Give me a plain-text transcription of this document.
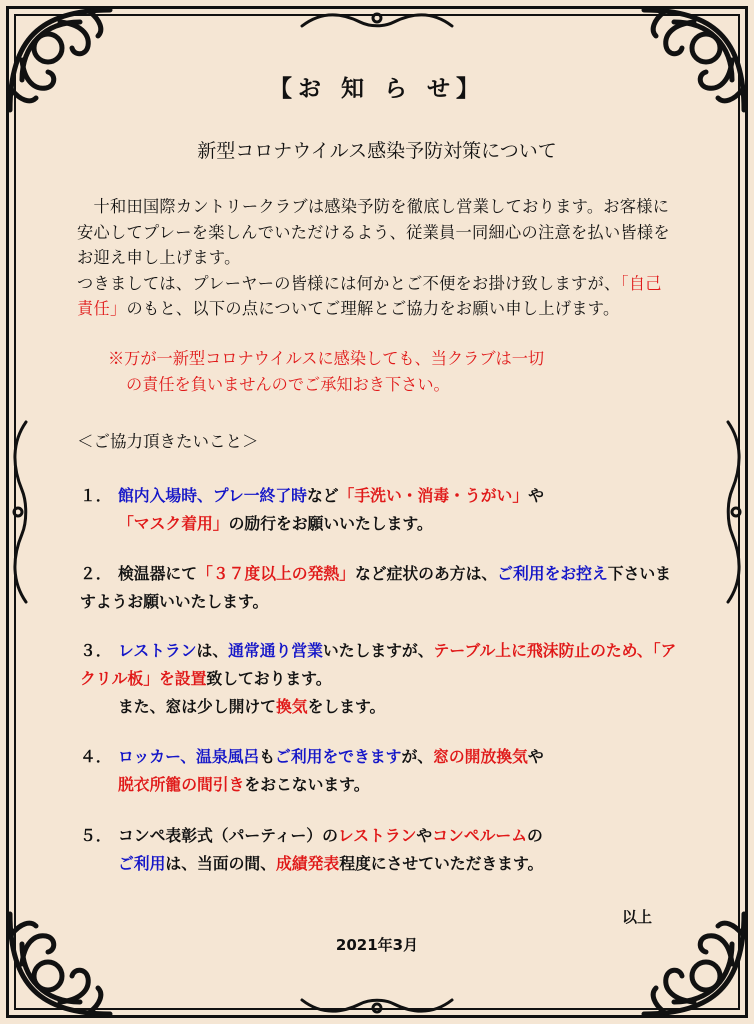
【お 知 ら せ】
新型コロナウイルス感染予防対策について

　十和田国際カントリークラブは感染予防を徹底し営業しております。お客様に安心してプレーを楽しんでいただけるよう、従業員一同細心の注意を払い皆様をお迎え申し上げます。

つきましては、プレーヤーの皆様には何かとご不便をお掛け致しますが、「自己責任」のもと、以下の点についてご理解とご協力をお願い申し上げます。

※万が一新型コロナウイルスに感染しても、当クラブは一切
の責任を負いませんのでご承知おき下さい。
＜ご協力頂きたいこと＞
１． 館内入場時、プレ一終了時など「手洗い・消毒・うがい」や
「マスク着用」の励行をお願いいたします。
２． 検温器にて「３７度以上の発熱」など症状のあ方は、ご利用をお控え下さいますようお願いいたします。
３． レストランは、通常通り営業いたしますが、テーブル上に飛沫防止のため、「アクリル板」を設置致しております。
また、窓は少し開けて換気をします。
４． ロッカー、温泉風呂もご利用をできますが、窓の開放換気や
脱衣所籠の間引きをおこないます。
５． コンペ表彰式（パーティー）のレストランやコンペルームの
ご利用は、当面の間、成績発表程度にさせていただきます。
以上
2021年3月
